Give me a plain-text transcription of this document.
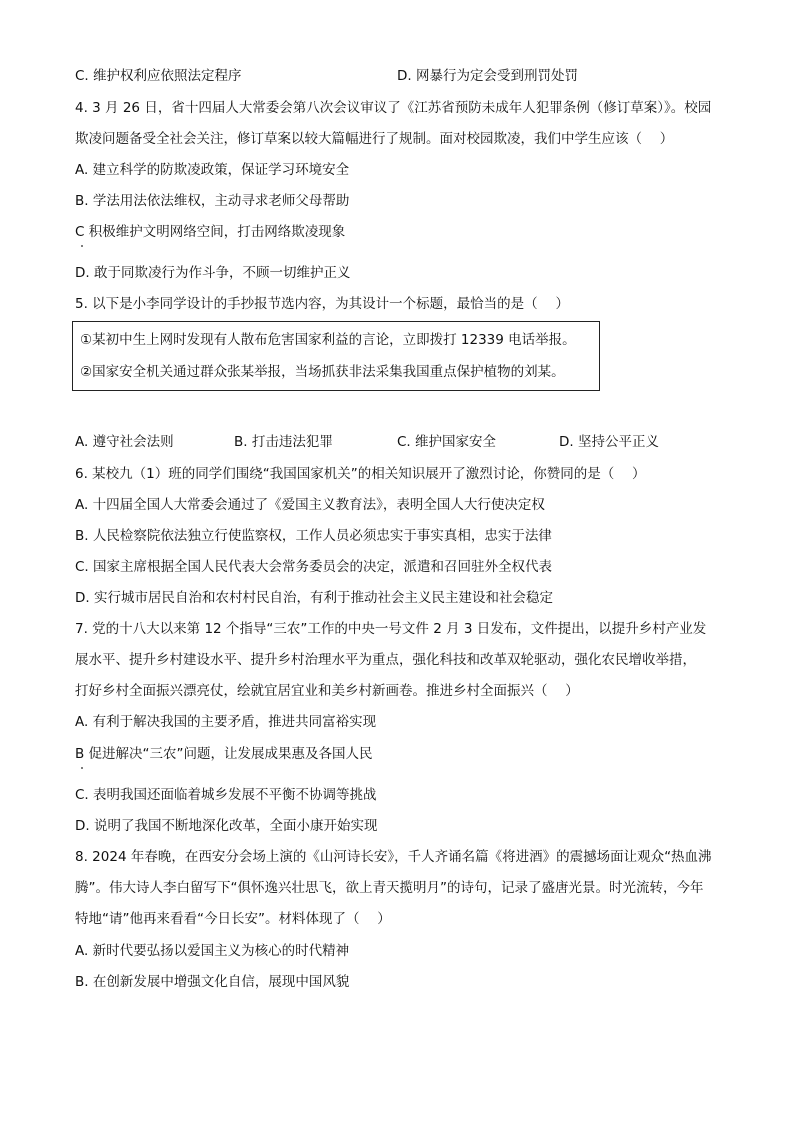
C. 维护权利应依照法定程序	D. 网暴行为定会受到刑罚处罚
4. 3 月 26 日，省十四届人大常委会第八次会议审议了《江苏省预防未成年人犯罪条例（修订草案）》。校园
欺凌问题备受全社会关注，修订草案以较大篇幅进行了规制。面对校园欺凌，我们中学生应该（　 ）
A. 建立科学的防欺凌政策，保证学习环境安全
B. 学法用法依法维权，主动寻求老师父母帮助
C 积极维护文明网络空间，打击网络欺凌现象
D. 敢于同欺凌行为作斗争，不顾一切维护正义
5. 以下是小李同学设计的手抄报节选内容，为其设计一个标题，最恰当的是（　 ）
①某初中生上网时发现有人散布危害国家利益的言论，立即拨打 12339 电话举报。
②国家安全机关通过群众张某举报，当场抓获非法采集我国重点保护植物的刘某。
A. 遵守社会法则	B. 打击违法犯罪	C. 维护国家安全	D. 坚持公平正义
6. 某校九（1）班的同学们围绕“我国国家机关”的相关知识展开了激烈讨论，你赞同的是（　 ）
A. 十四届全国人大常委会通过了《爱国主义教育法》，表明全国人大行使决定权
B. 人民检察院依法独立行使监察权，工作人员必须忠实于事实真相，忠实于法律
C. 国家主席根据全国人民代表大会常务委员会的决定，派遣和召回驻外全权代表
D. 实行城市居民自治和农村村民自治，有利于推动社会主义民主建设和社会稳定
7. 党的十八大以来第 12 个指导“三农”工作的中央一号文件 2 月 3 日发布，文件提出，以提升乡村产业发
展水平、提升乡村建设水平、提升乡村治理水平为重点，强化科技和改革双轮驱动，强化农民增收举措，
打好乡村全面振兴漂亮仗，绘就宜居宜业和美乡村新画卷。推进乡村全面振兴（　 ）
A. 有利于解决我国的主要矛盾，推进共同富裕实现
B 促进解决“三农”问题，让发展成果惠及各国人民
C. 表明我国还面临着城乡发展不平衡不协调等挑战
D. 说明了我国不断地深化改革，全面小康开始实现
8. 2024 年春晚，在西安分会场上演的《山河诗长安》，千人齐诵名篇《将进酒》的震撼场面让观众“热血沸
腾”。伟大诗人李白留写下“俱怀逸兴壮思飞，欲上青天揽明月”的诗句，记录了盛唐光景。时光流转，今年
特地“请”他再来看看“今日长安”。材料体现了（　 ）
A. 新时代要弘扬以爱国主义为核心的时代精神
B. 在创新发展中增强文化自信，展现中国风貌
